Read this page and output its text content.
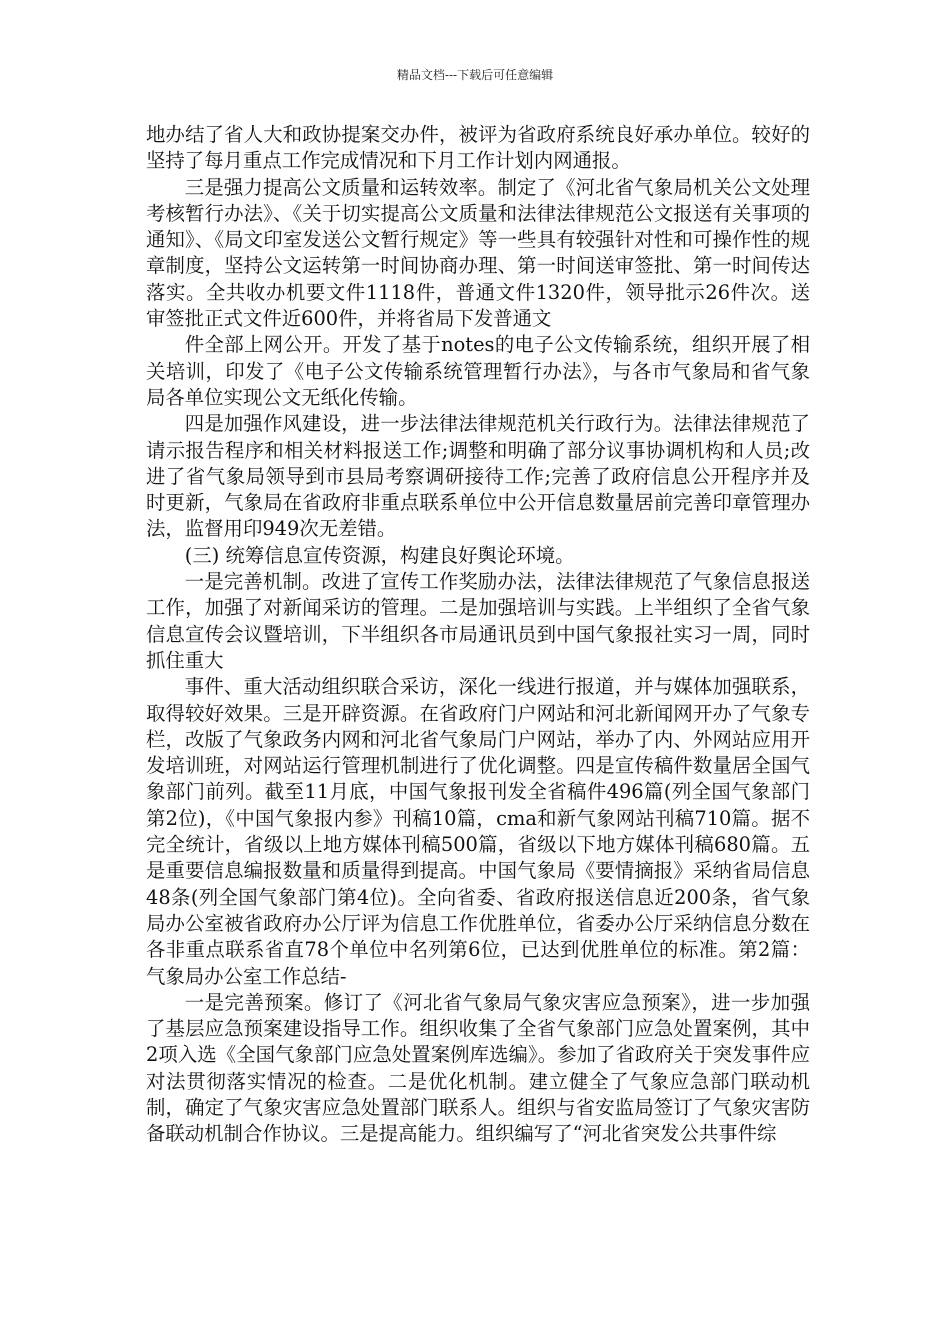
精品文档---下载后可任意编辑

地办结了省人大和政协提案交办件，被评为省政府系统良好承办单位。较好的坚持了每月重点工作完成情况和下月工作计划内网通报。

三是强力提高公文质量和运转效率。制定了《河北省气象局机关公文处理考核暂行办法》、《关于切实提高公文质量和法律法律规范公文报送有关事项的通知》、《局文印室发送公文暂行规定》等一些具有较强针对性和可操作性的规章制度，坚持公文运转第一时间协商办理、第一时间送审签批、第一时间传达落实。全共收办机要文件1118件，普通文件1320件，领导批示26件次。送审签批正式文件近600件，并将省局下发普通文

件全部上网公开。开发了基于notes的电子公文传输系统，组织开展了相关培训，印发了《电子公文传输系统管理暂行办法》，与各市气象局和省气象局各单位实现公文无纸化传输。

四是加强作风建设，进一步法律法律规范机关行政行为。法律法律规范了请示报告程序和相关材料报送工作;调整和明确了部分议事协调机构和人员;改进了省气象局领导到市县局考察调研接待工作;完善了政府信息公开程序并及时更新，气象局在省政府非重点联系单位中公开信息数量居前完善印章管理办法，监督用印949次无差错。

(三) 统筹信息宣传资源，构建良好舆论环境。

一是完善机制。改进了宣传工作奖励办法，法律法律规范了气象信息报送工作，加强了对新闻采访的管理。二是加强培训与实践。上半组织了全省气象信息宣传会议暨培训，下半组织各市局通讯员到中国气象报社实习一周，同时抓住重大

事件、重大活动组织联合采访，深化一线进行报道，并与媒体加强联系，取得较好效果。三是开辟资源。在省政府门户网站和河北新闻网开办了气象专栏，改版了气象政务内网和河北省气象局门户网站，举办了内、外网站应用开发培训班，对网站运行管理机制进行了优化调整。四是宣传稿件数量居全国气象部门前列。截至11月底，中国气象报刊发全省稿件496篇(列全国气象部门第2位)，《中国气象报内参》刊稿10篇，cma和新气象网站刊稿710篇。据不完全统计，省级以上地方媒体刊稿500篇，省级以下地方媒体刊稿680篇。五是重要信息编报数量和质量得到提高。中国气象局《要情摘报》采纳省局信息48条(列全国气象部门第4位)。全向省委、省政府报送信息近200条，省气象局办公室被省政府办公厅评为信息工作优胜单位，省委办公厅采纳信息分数在各非重点联系省直78个单位中名列第6位，已达到优胜单位的标准。第2篇：气象局办公室工作总结-

一是完善预案。修订了《河北省气象局气象灾害应急预案》，进一步加强了基层应急预案建设指导工作。组织收集了全省气象部门应急处置案例，其中2项入选《全国气象部门应急处置案例库选编》。参加了省政府关于突发事件应对法贯彻落实情况的检查。二是优化机制。建立健全了气象应急部门联动机制，确定了气象灾害应急处置部门联系人。组织与省安监局签订了气象灾害防备联动机制合作协议。三是提高能力。组织编写了“河北省突发公共事件综
